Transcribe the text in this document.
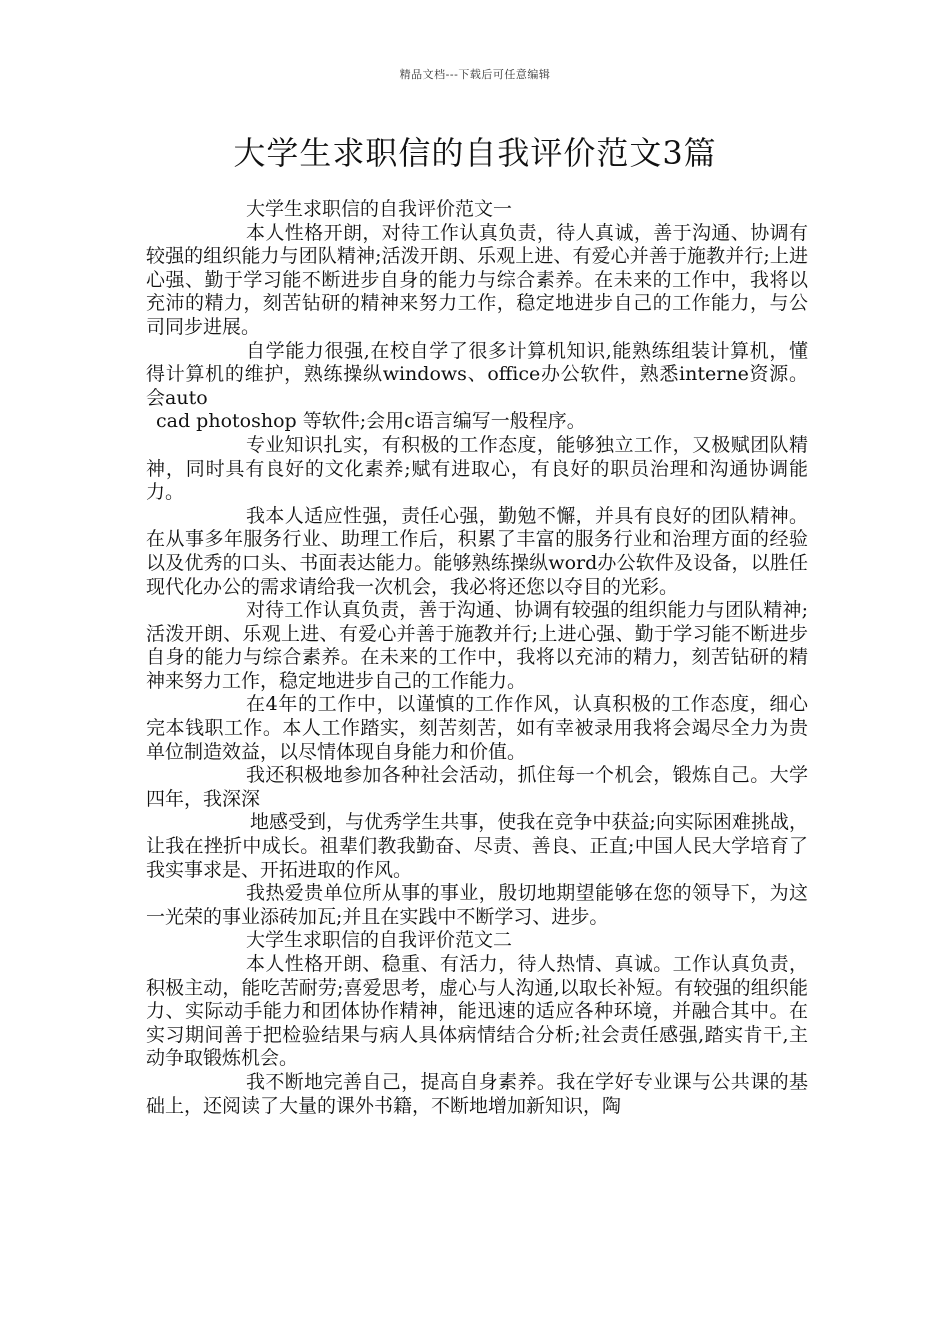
精品文档---下载后可任意编辑
大学生求职信的自我评价范文3篇

大学生求职信的自我评价范文一

本人性格开朗，对待工作认真负责，待人真诚，善于沟通、协调有较强的组织能力与团队精神;活泼开朗、乐观上进、有爱心并善于施教并行;上进心强、勤于学习能不断进步自身的能力与综合素养。在未来的工作中，我将以充沛的精力，刻苦钻研的精神来努力工作，稳定地进步自己的工作能力，与公司同步进展。

自学能力很强,在校自学了很多计算机知识,能熟练组装计算机，懂得计算机的维护，熟练操纵windows、office办公软件，熟悉interne资源。会auto

cad photoshop 等软件;会用c语言编写一般程序。

专业知识扎实，有积极的工作态度，能够独立工作，又极赋团队精神，同时具有良好的文化素养;赋有进取心，有良好的职员治理和沟通协调能力。

我本人适应性强，责任心强，勤勉不懈，并具有良好的团队精神。在从事多年服务行业、助理工作后，积累了丰富的服务行业和治理方面的经验以及优秀的口头、书面表达能力。能够熟练操纵word办公软件及设备，以胜任现代化办公的需求请给我一次机会，我必将还您以夺目的光彩。

对待工作认真负责，善于沟通、协调有较强的组织能力与团队精神;活泼开朗、乐观上进、有爱心并善于施教并行;上进心强、勤于学习能不断进步自身的能力与综合素养。在未来的工作中，我将以充沛的精力，刻苦钻研的精神来努力工作，稳定地进步自己的工作能力。

在4年的工作中，以谨慎的工作作风，认真积极的工作态度，细心完本钱职工作。本人工作踏实，刻苦刻苦，如有幸被录用我将会竭尽全力为贵单位制造效益，以尽情体现自身能力和价值。

我还积极地参加各种社会活动，抓住每一个机会，锻炼自己。大学四年，我深深

地感受到，与优秀学生共事，使我在竞争中获益;向实际困难挑战，让我在挫折中成长。祖辈们教我勤奋、尽责、善良、正直;中国人民大学培育了我实事求是、开拓进取的作风。

我热爱贵单位所从事的事业，殷切地期望能够在您的领导下，为这一光荣的事业添砖加瓦;并且在实践中不断学习、进步。

大学生求职信的自我评价范文二

本人性格开朗、稳重、有活力，待人热情、真诚。工作认真负责，积极主动，能吃苦耐劳;喜爱思考，虚心与人沟通,以取长补短。有较强的组织能力、实际动手能力和团体协作精神，能迅速的适应各种环境，并融合其中。在实习期间善于把检验结果与病人具体病情结合分析;社会责任感强,踏实肯干,主动争取锻炼机会。

我不断地完善自己，提高自身素养。我在学好专业课与公共课的基础上，还阅读了大量的课外书籍，不断地增加新知识，陶
